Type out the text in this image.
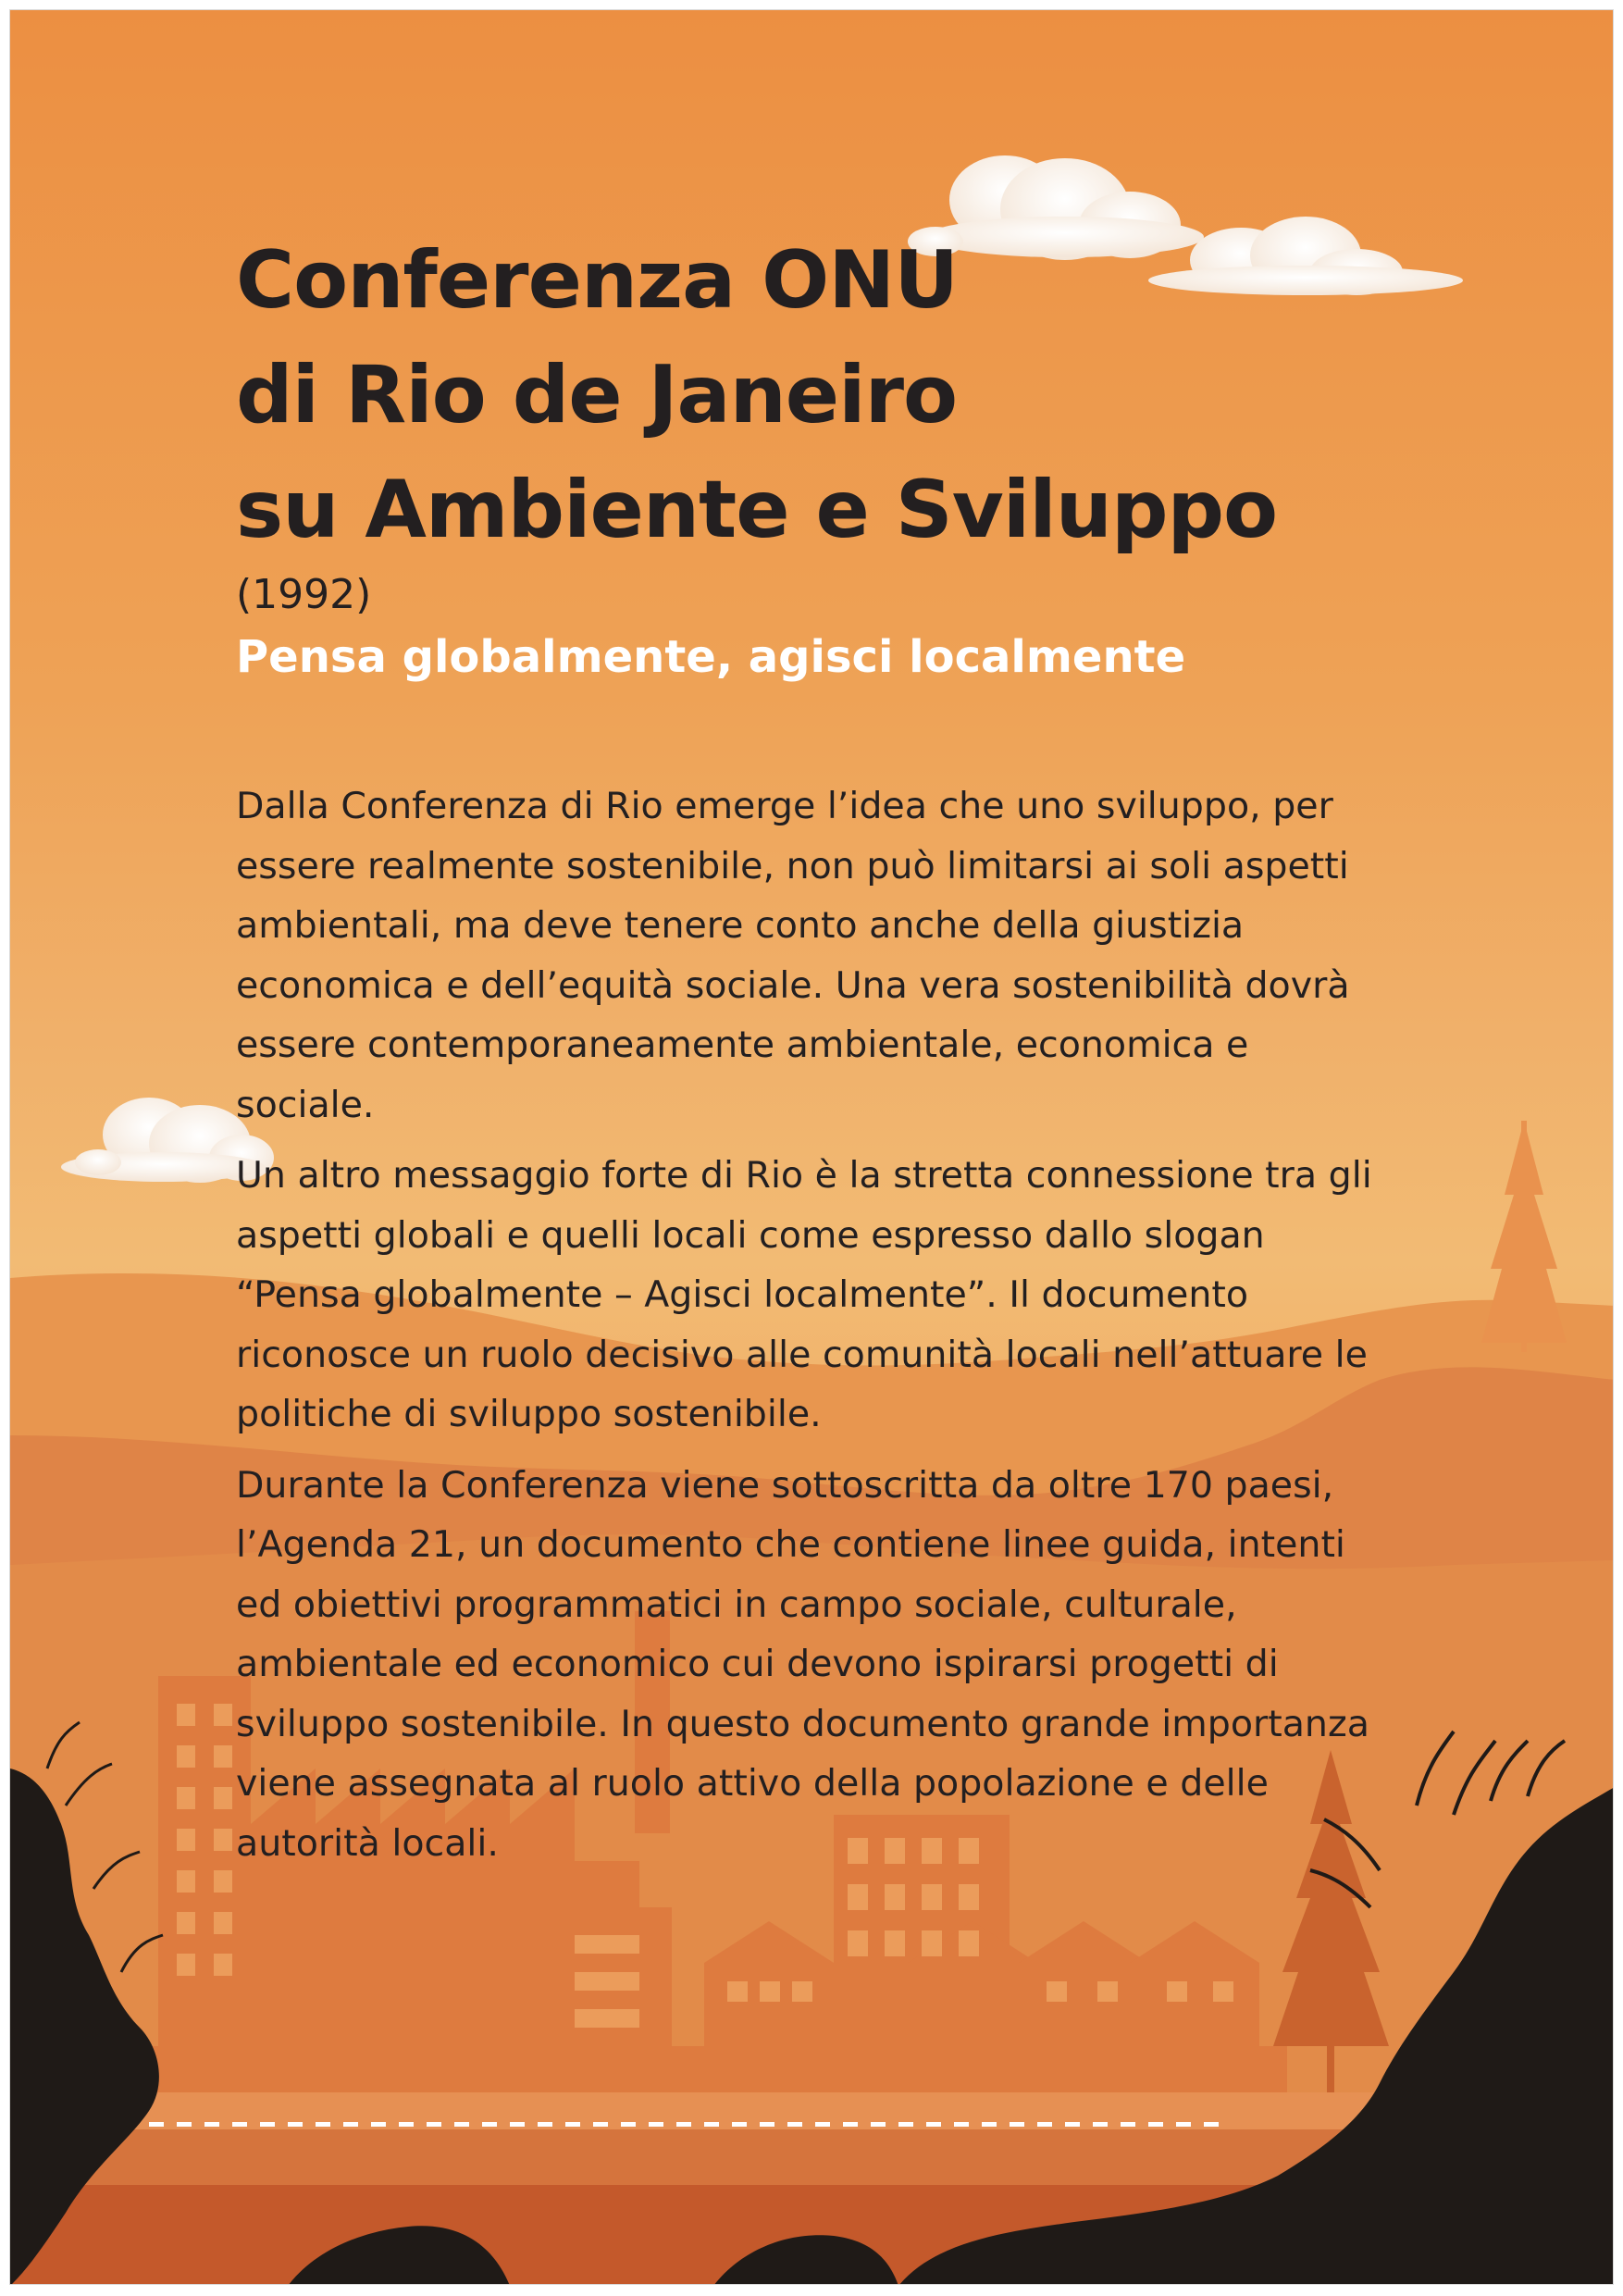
Conferenza ONU
di Rio de Janeiro
su Ambiente e Sviluppo
(1992)
Pensa globalmente, agisci localmente

Dalla Conferenza di Rio emerge l’idea che uno sviluppo, per essere realmente sostenibile, non può limitarsi ai soli aspetti ambientali, ma deve tenere conto anche della giustizia economica e dell’equità sociale. Una vera sostenibilità dovrà essere contemporaneamente ambientale, economica e sociale.

Un altro messaggio forte di Rio è la stretta connessione tra gli aspetti globali e quelli locali come espresso dallo slogan “Pensa globalmente – Agisci localmente”. Il documento riconosce un ruolo decisivo alle comunità locali nell’attuare le politiche di sviluppo sostenibile.

Durante la Conferenza viene sottoscritta da oltre 170 paesi, l’Agenda 21, un documento che contiene linee guida, intenti ed obiettivi programmatici in campo sociale, culturale, ambientale ed economico cui devono ispirarsi progetti di sviluppo sostenibile. In questo documento grande importanza viene assegnata al ruolo attivo della popolazione e delle autorità locali.
